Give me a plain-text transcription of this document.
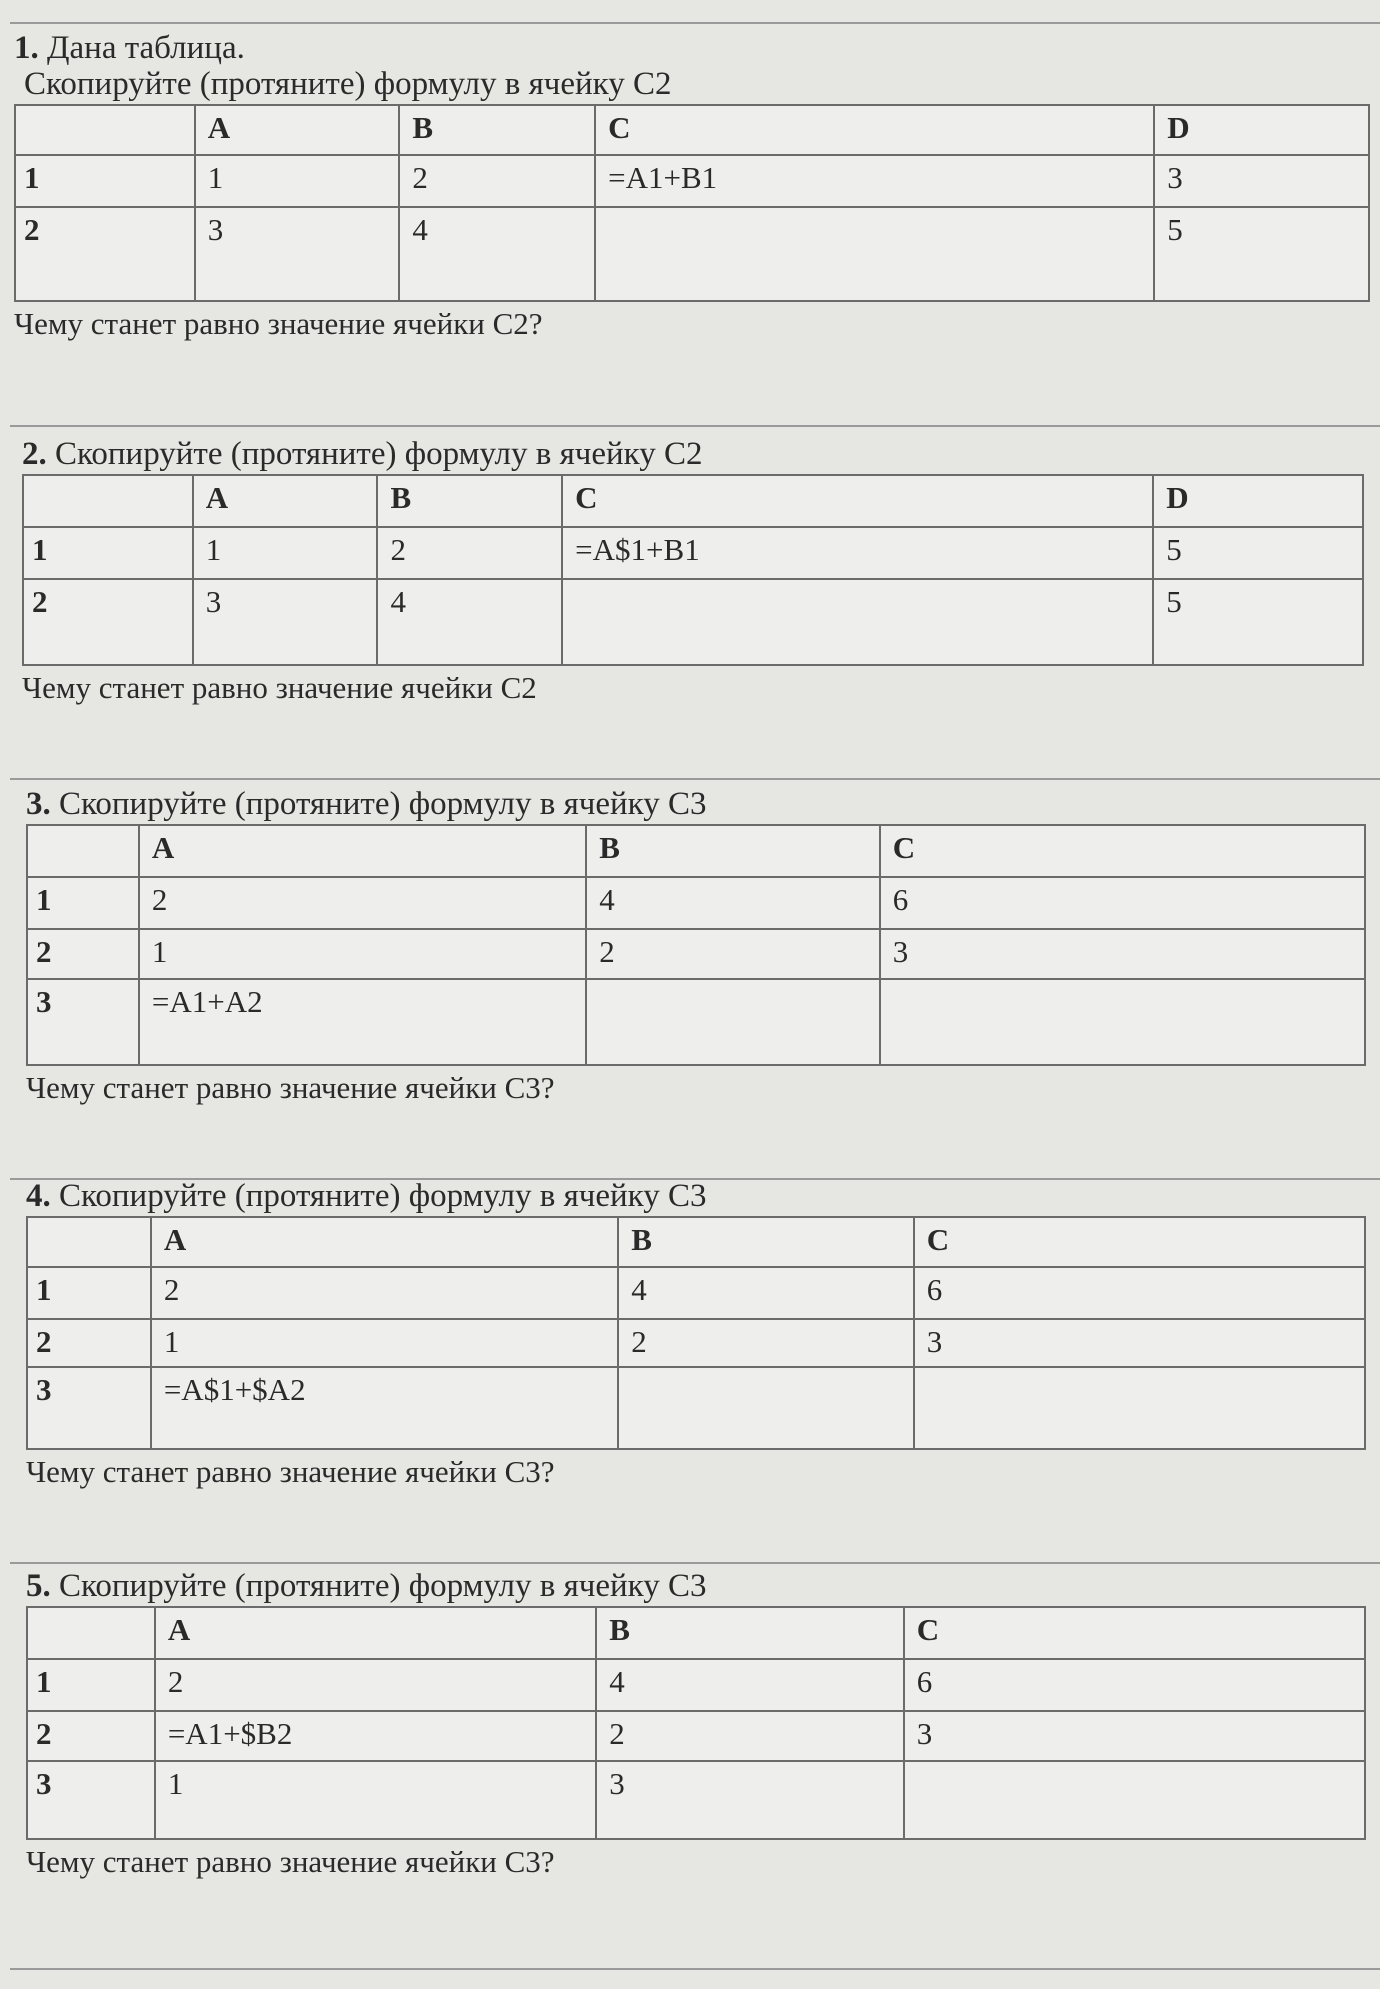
1. Дана таблица.
Скопируйте (протяните) формулу в ячейку С2
	A	B	C	D
1	1	2	=A1+B1	3
2	3	4		5
Чему станет равно значение ячейки С2?
2. Скопируйте (протяните) формулу в ячейку С2
	A	B	C	D
1	1	2	=A$1+B1	5
2	3	4		5
Чему станет равно значение ячейки С2
3. Скопируйте (протяните) формулу в ячейку С3
	A	B	C
1	2	4	6
2	1	2	3
3	=A1+A2		
Чему станет равно значение ячейки С3?
4. Скопируйте (протяните) формулу в ячейку С3
	A	B	C
1	2	4	6
2	1	2	3
3	=A$1+$A2		
Чему станет равно значение ячейки С3?
5. Скопируйте (протяните) формулу в ячейку С3
	A	B	C
1	2	4	6
2	=A1+$B2	2	3
3	1	3	
Чему станет равно значение ячейки С3?
